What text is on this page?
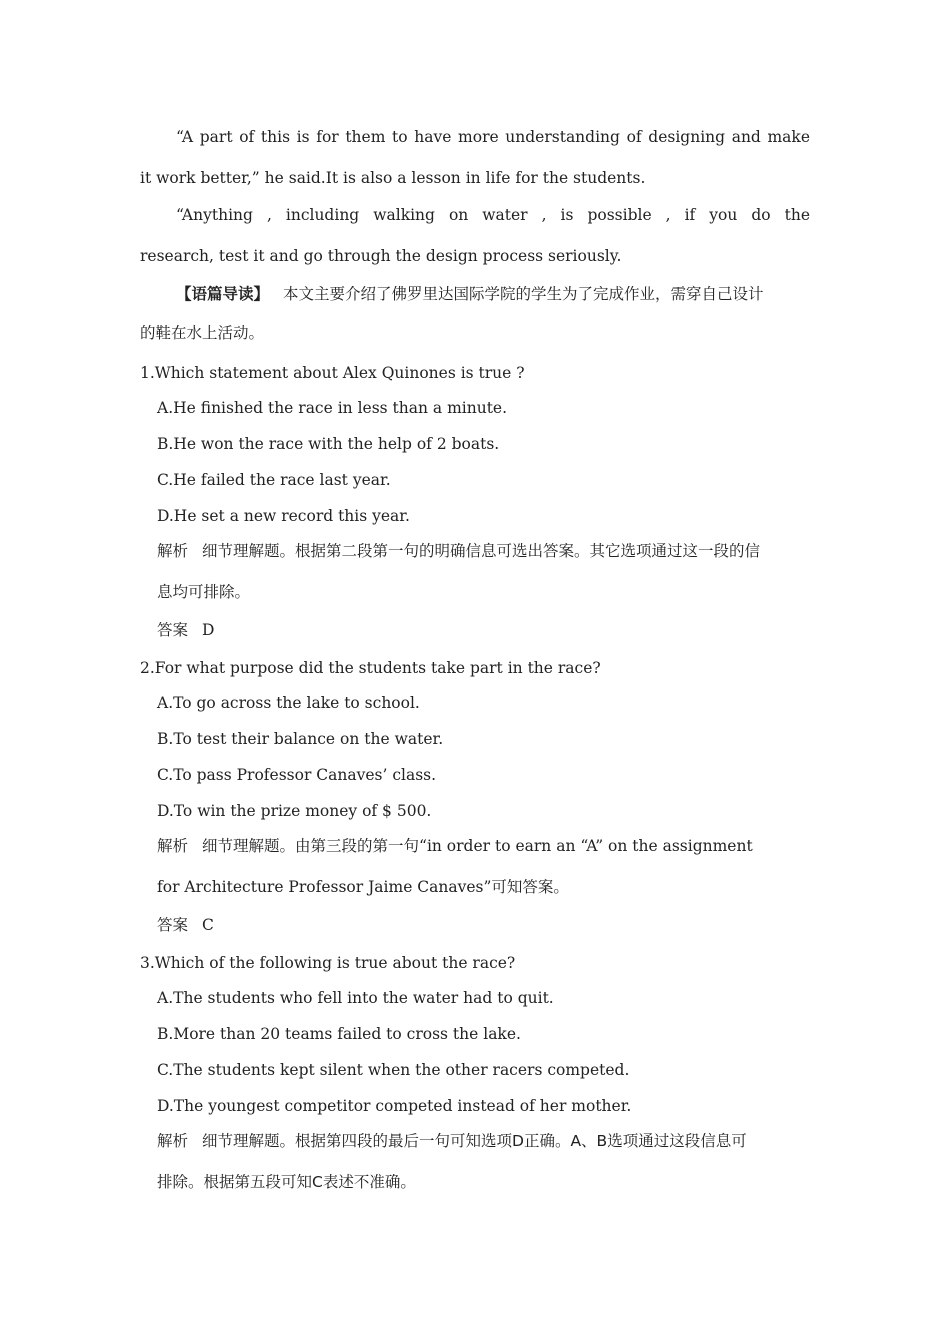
“A part of this is for them to have more understanding of designing and make
it work better,” he said.It is also a lesson in life for the students.
“Anything , including walking on water , is possible , if you do the
research, test it and go through the design process seriously.
【语篇导读】 本文主要介绍了佛罗里达国际学院的学生为了完成作业，需穿自己设计
的鞋在水上活动。
1.Which statement about Alex Quinones is true ?
A.He finished the race in less than a minute.
B.He won the race with the help of 2 boats.
C.He failed the race last year.
D.He set a new record this year.
解析 细节理解题。根据第二段第一句的明确信息可选出答案。其它选项通过这一段的信
息均可排除。
答案 D
2.For what purpose did the students take part in the race?
A.To go across the lake to school.
B.To test their balance on the water.
C.To pass Professor Canaves’ class.
D.To win the prize money of $ 500.
解析 细节理解题。由第三段的第一句“in order to earn an “A” on the assignment
for Architecture Professor Jaime Canaves”可知答案。
答案 C
3.Which of the following is true about the race?
A.The students who fell into the water had to quit.
B.More than 20 teams failed to cross the lake.
C.The students kept silent when the other racers competed.
D.The youngest competitor competed instead of her mother.
解析 细节理解题。根据第四段的最后一句可知选项D正确。A、B选项通过这段信息可
排除。根据第五段可知C表述不准确。
